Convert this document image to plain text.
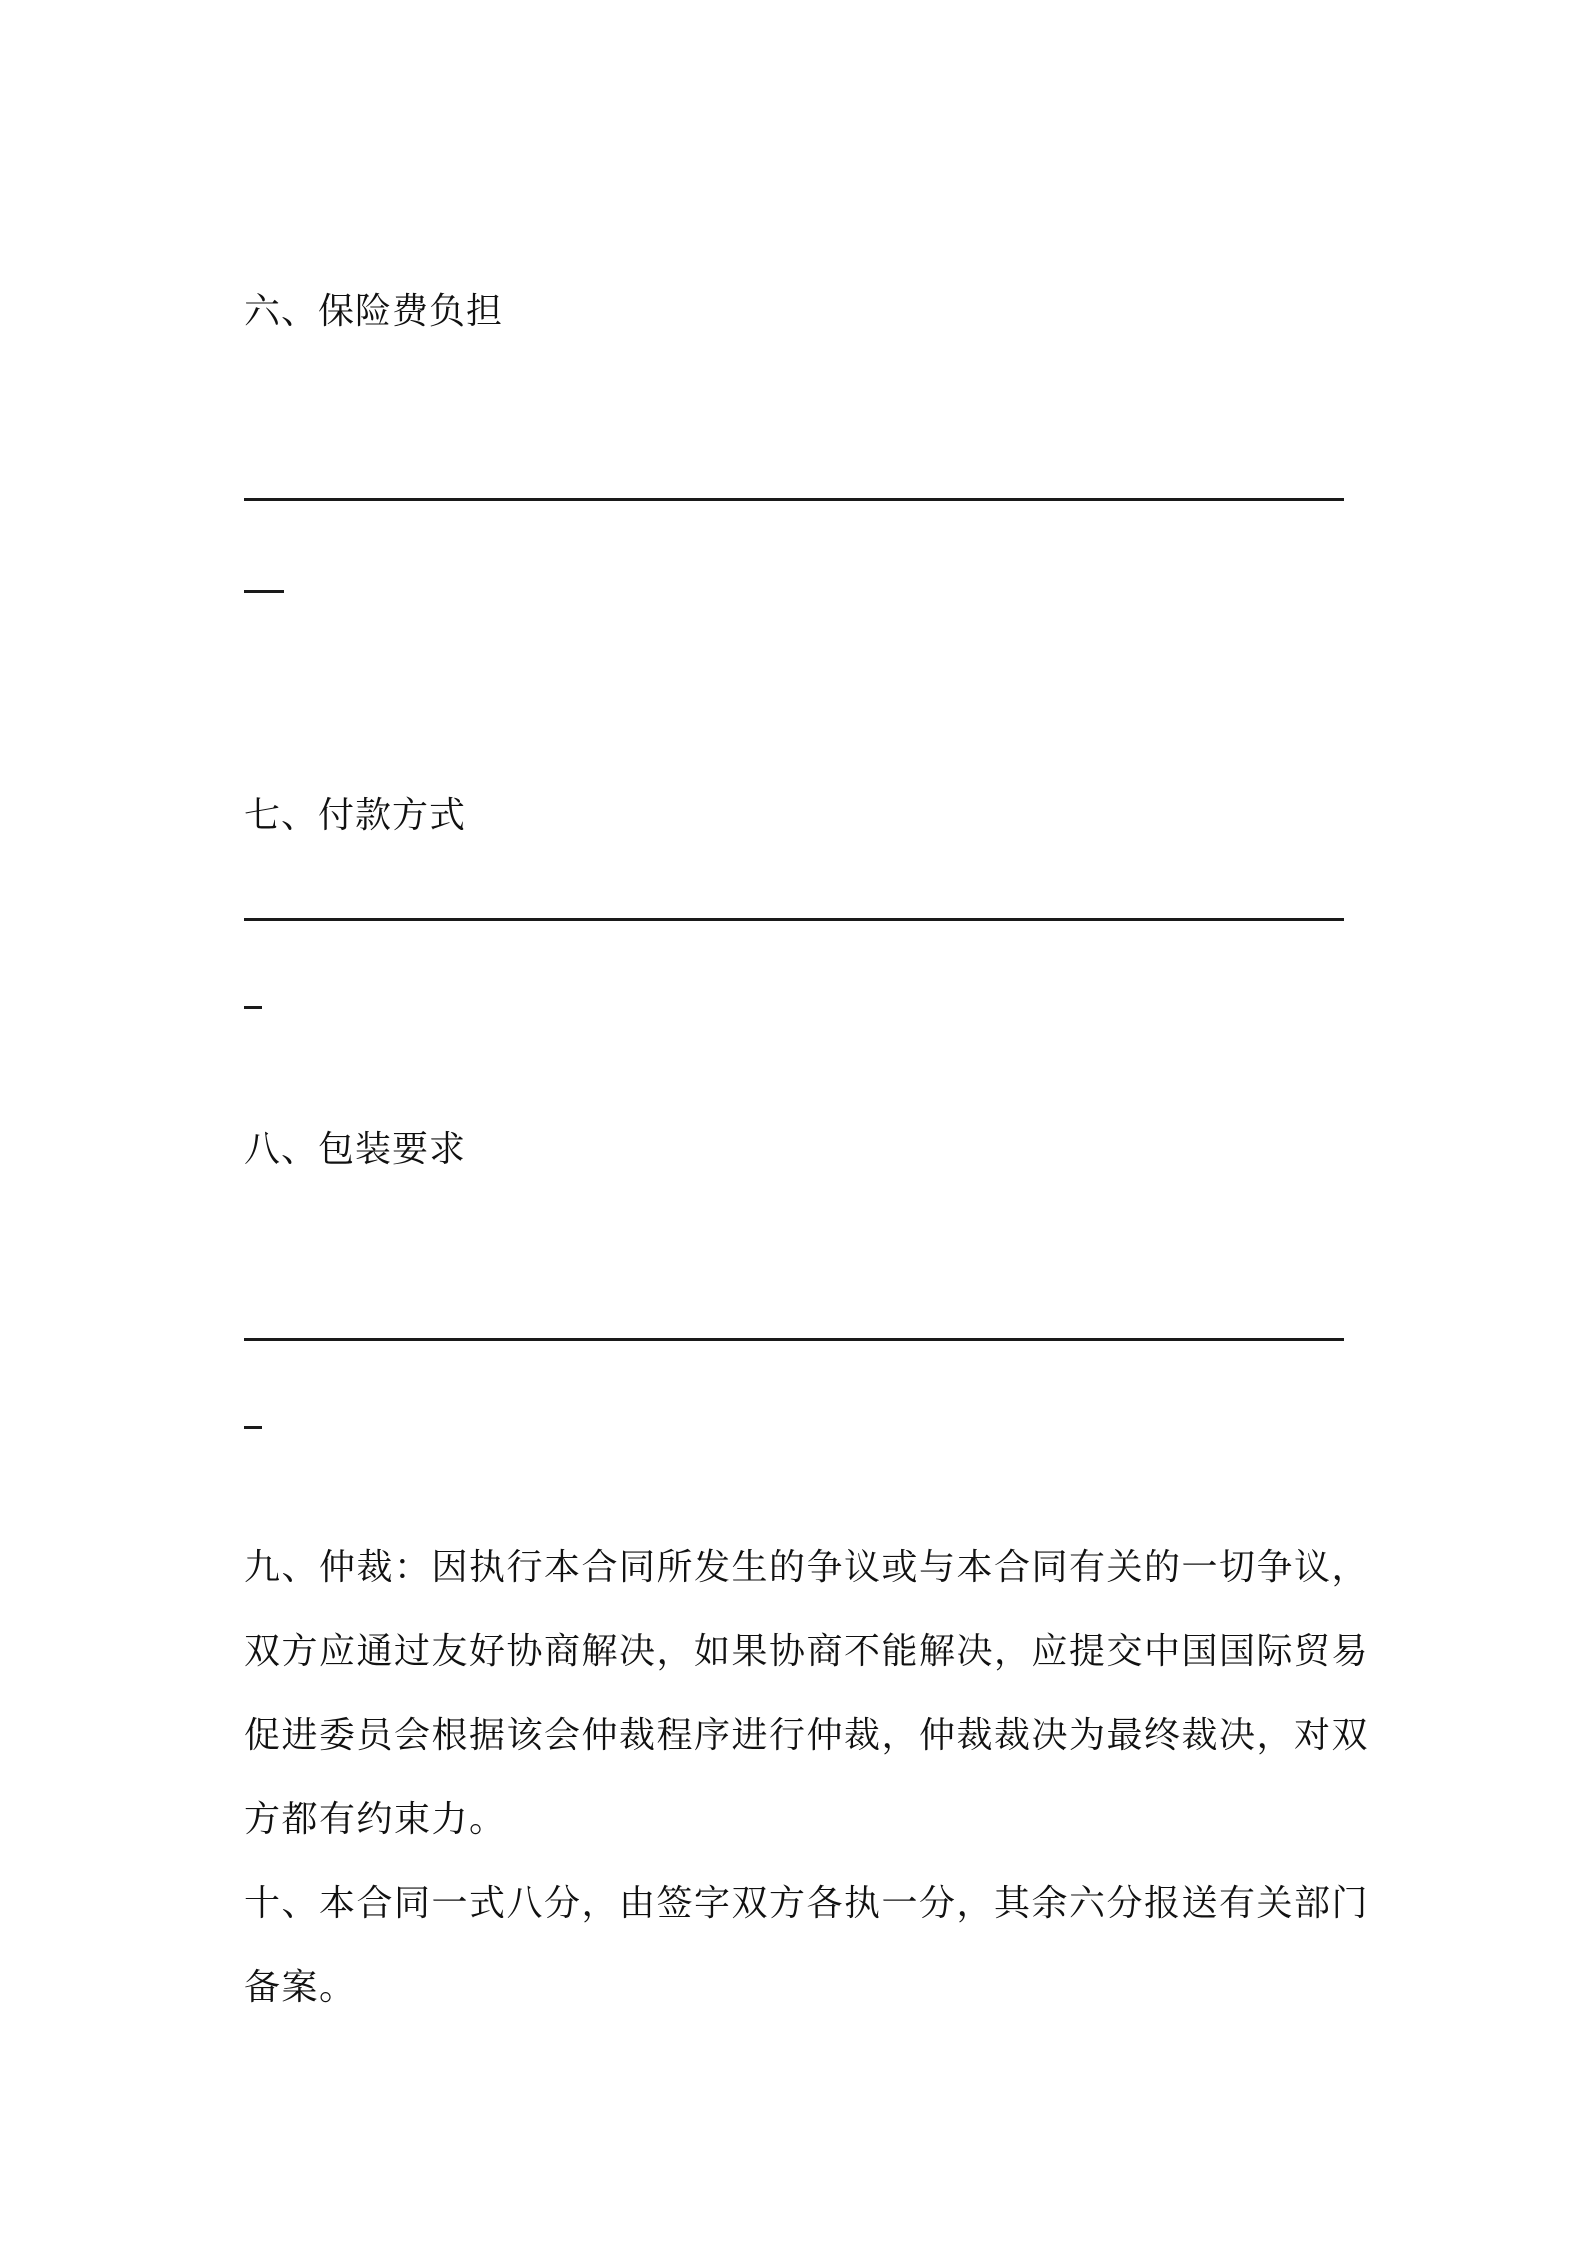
六、保险费负担
七、付款方式
八、包装要求
九、仲裁：因执行本合同所发生的争议或与本合同有关的一切争议，
双方应通过友好协商解决，如果协商不能解决，应提交中国国际贸易
促进委员会根据该会仲裁程序进行仲裁，仲裁裁决为最终裁决，对双
方都有约束力。
十、本合同一式八分，由签字双方各执一分，其余六分报送有关部门
备案。
